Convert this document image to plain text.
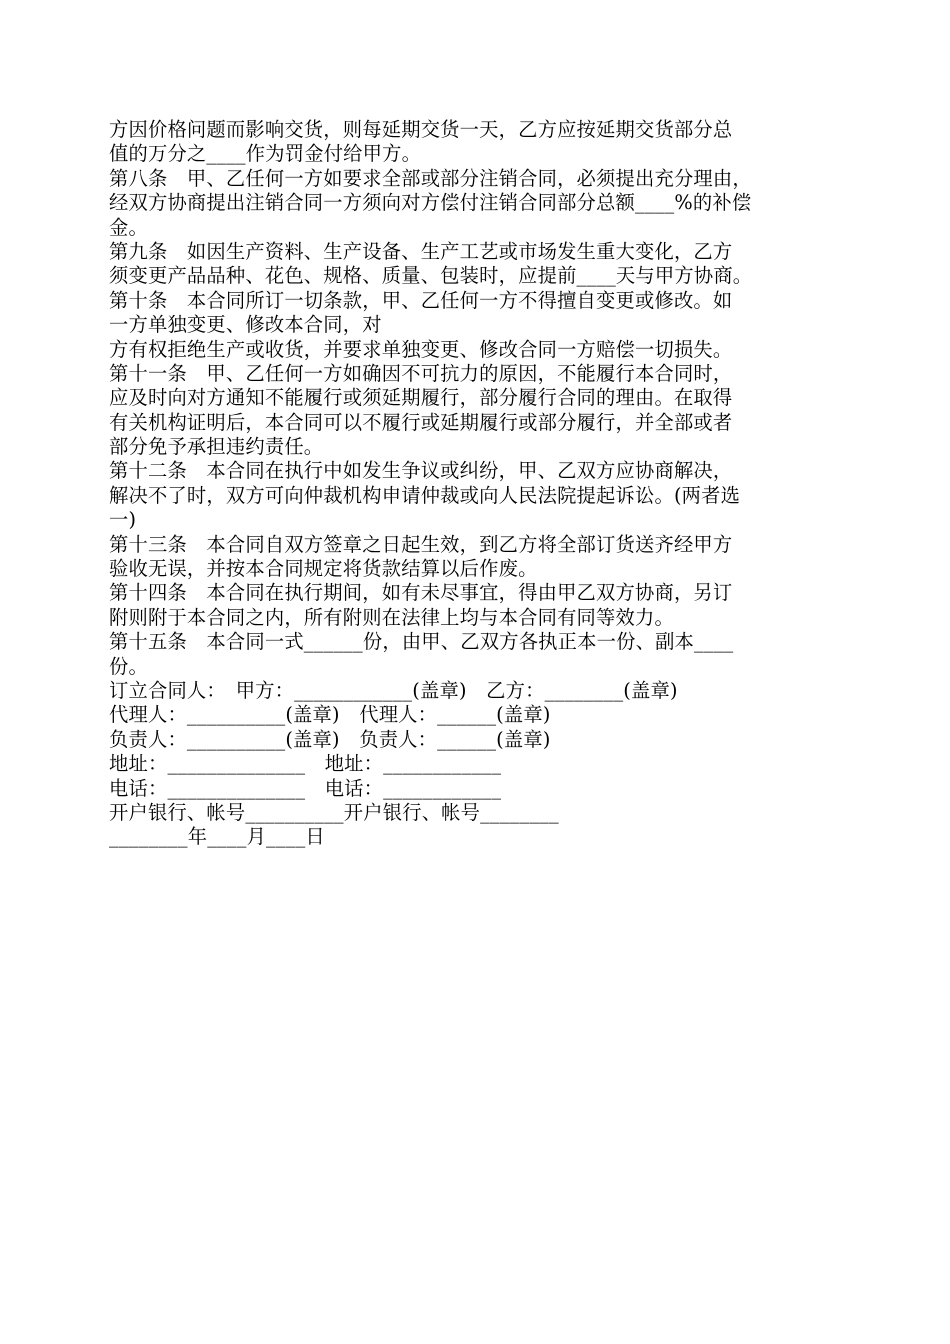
方因价格问题而影响交货，则每延期交货一天，乙方应按延期交货部分总
值的万分之____作为罚金付给甲方。
第八条　甲、乙任何一方如要求全部或部分注销合同，必须提出充分理由，
经双方协商提出注销合同一方须向对方偿付注销合同部分总额____%的补偿
金。
第九条　如因生产资料、生产设备、生产工艺或市场发生重大变化，乙方
须变更产品品种、花色、规格、质量、包装时，应提前____天与甲方协商。
第十条　本合同所订一切条款，甲、乙任何一方不得擅自变更或修改。如
一方单独变更、修改本合同，对
方有权拒绝生产或收货，并要求单独变更、修改合同一方赔偿一切损失。
第十一条　甲、乙任何一方如确因不可抗力的原因，不能履行本合同时，
应及时向对方通知不能履行或须延期履行，部分履行合同的理由。在取得
有关机构证明后，本合同可以不履行或延期履行或部分履行，并全部或者
部分免予承担违约责任。
第十二条　本合同在执行中如发生争议或纠纷，甲、乙双方应协商解决，
解决不了时，双方可向仲裁机构申请仲裁或向人民法院提起诉讼。(两者选
一)
第十三条　本合同自双方签章之日起生效，到乙方将全部订货送齐经甲方
验收无误，并按本合同规定将货款结算以后作废。
第十四条　本合同在执行期间，如有未尽事宜，得由甲乙双方协商，另订
附则附于本合同之内，所有附则在法律上均与本合同有同等效力。
第十五条　本合同一式______份，由甲、乙双方各执正本一份、副本____
份。
订立合同人：　甲方：____________(盖章)　乙方：________(盖章)
代理人：__________(盖章)　代理人：______(盖章)
负责人：__________(盖章)　负责人：______(盖章)
地址：______________　地址：____________
电话：______________　电话：____________
开户银行、帐号__________开户银行、帐号________
________年____月____日
